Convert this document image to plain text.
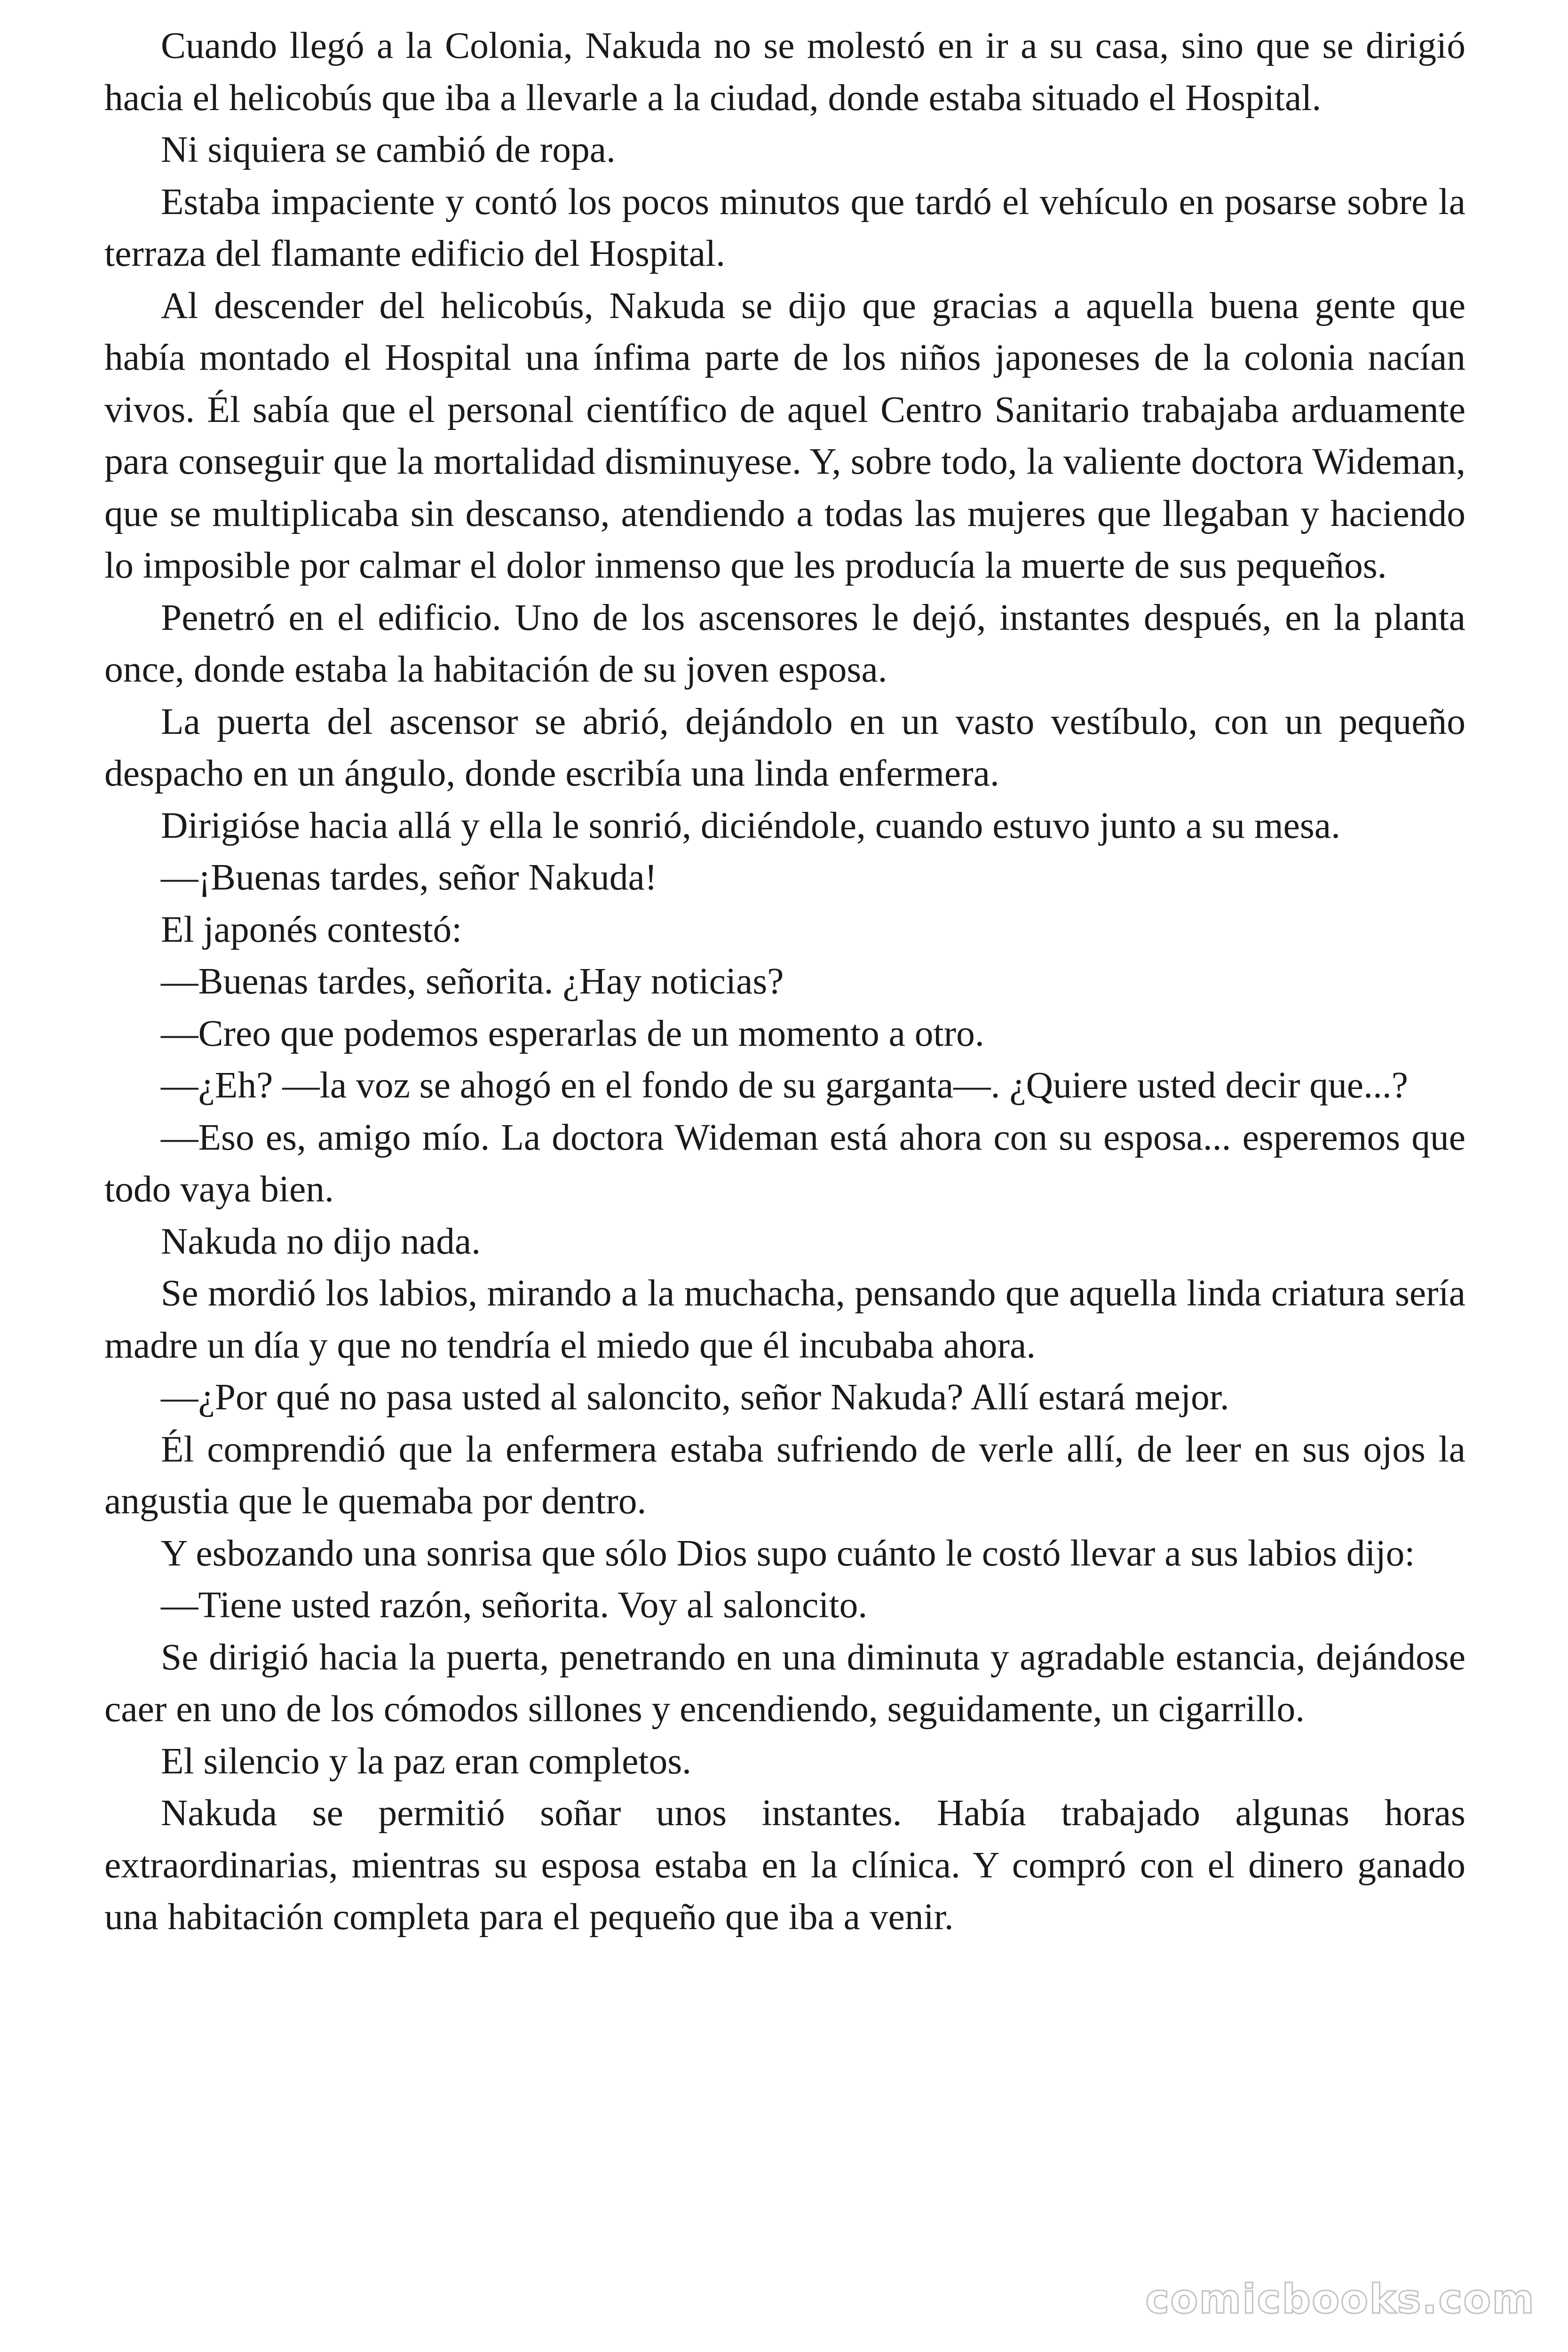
Cuando llegó a la Colonia, Nakuda no se molestó en ir a su casa, sino que se dirigió hacia el helicobús que iba a llevarle a la ciudad, donde estaba situado el Hospital.

Ni siquiera se cambió de ropa.

Estaba impaciente y contó los pocos minutos que tardó el vehículo en posarse sobre la terraza del flamante edificio del Hospital.

Al descender del helicobús, Nakuda se dijo que gracias a aquella buena gente que había montado el Hospital una ínfima parte de los niños japoneses de la colonia nacían vivos. Él sabía que el personal científico de aquel Centro Sanitario trabajaba arduamente para conseguir que la mortalidad disminuyese. Y, sobre todo, la valiente doctora Wideman, que se multiplicaba sin descanso, atendiendo a todas las mujeres que llegaban y haciendo lo imposible por calmar el dolor inmenso que les producía la muerte de sus pequeños.

Penetró en el edificio. Uno de los ascensores le dejó, instantes después, en la planta once, donde estaba la habitación de su joven esposa.

La puerta del ascensor se abrió, dejándolo en un vasto vestíbulo, con un pequeño despacho en un ángulo, donde escribía una linda enfermera.

Dirigióse hacia allá y ella le sonrió, diciéndole, cuando estuvo junto a su mesa.

—¡Buenas tardes, señor Nakuda!

El japonés contestó:

—Buenas tardes, señorita. ¿Hay noticias?

—Creo que podemos esperarlas de un momento a otro.

—¿Eh? —la voz se ahogó en el fondo de su garganta—. ¿Quiere usted decir que...?

—Eso es, amigo mío. La doctora Wideman está ahora con su esposa... esperemos que todo vaya bien.

Nakuda no dijo nada.

Se mordió los labios, mirando a la muchacha, pensando que aquella linda criatura sería madre un día y que no tendría el miedo que él incubaba ahora.

—¿Por qué no pasa usted al saloncito, señor Nakuda? Allí estará mejor.

Él comprendió que la enfermera estaba sufriendo de verle allí, de leer en sus ojos la angustia que le quemaba por dentro.

Y esbozando una sonrisa que sólo Dios supo cuánto le costó llevar a sus labios dijo:

—Tiene usted razón, señorita. Voy al saloncito.

Se dirigió hacia la puerta, penetrando en una diminuta y agradable estancia, dejándose caer en uno de los cómodos sillones y encendiendo, seguidamente, un cigarrillo.

El silencio y la paz eran completos.

Nakuda se permitió soñar unos instantes. Había trabajado algunas horas extraordinarias, mientras su esposa estaba en la clínica. Y compró con el dinero ganado una habitación completa para el pequeño que iba a venir.

comicbooks.com
